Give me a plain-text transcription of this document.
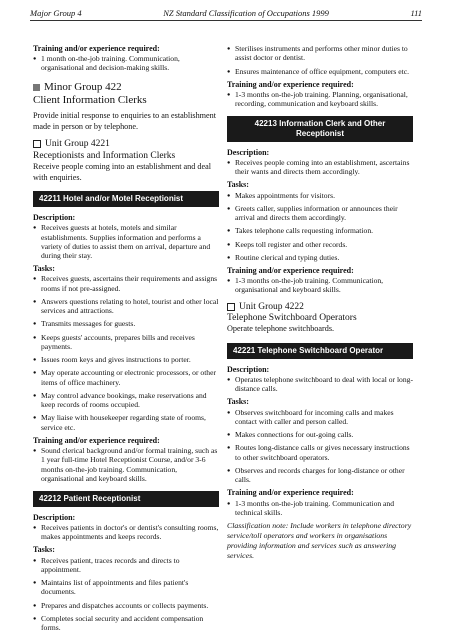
Major Group 4	NZ Standard Classification of Occupations 1999	111
Training and/or experience required:
● 1 month on-the-job training. Communication, organisational and decision-making skills.
Minor Group 422
Client Information Clerks
Provide initial response to enquiries to an establishment made in person or by telephone.
Unit Group 4221
Receptionists and Information Clerks
Receive people coming into an establishment and deal with enquiries.
42211 Hotel and/or Motel Receptionist
Description:
● Receives guests at hotels, motels and similar establishments. Supplies information and performs a variety of duties to assist them on arrival, departure and during their stay.
Tasks:
● Receives guests, ascertains their requirements and assigns rooms if not pre-assigned.
● Answers questions relating to hotel, tourist and other local services and attractions.
● Transmits messages for guests.
● Keeps guests' accounts, prepares bills and receives payments.
● Issues room keys and gives instructions to porter.
● May operate accounting or electronic processors, or other items of office machinery.
● May control advance bookings, make reservations and keep records of rooms occupied.
● May liaise with housekeeper regarding state of rooms, service etc.
Training and/or experience required:
● Sound clerical background and/or formal training, such as 1 year full-time Hotel Receptionist Course, and/or 3-6 months on-the-job training. Communication, organisational and keyboard skills.
42212 Patient Receptionist
Description:
● Receives patients in doctor's or dentist's consulting rooms, makes appointments and keeps records.
Tasks:
● Receives patient, traces records and directs to appointment.
● Maintains list of appointments and files patient's documents.
● Prepares and dispatches accounts or collects payments.
● Completes social security and accident compensation forms.
● Sterilises instruments and performs other minor duties to assist doctor or dentist.
● Ensures maintenance of office equipment, computers etc.
Training and/or experience required:
● 1-3 months on-the-job training. Planning, organisational, recording, communication and keyboard skills.
42213 Information Clerk and Other Receptionist
Description:
● Receives people coming into an establishment, ascertains their wants and directs them accordingly.
Tasks:
● Makes appointments for visitors.
● Greets caller, supplies information or announces their arrival and directs them accordingly.
● Takes telephone calls requesting information.
● Keeps toll register and other records.
● Routine clerical and typing duties.
Training and/or experience required:
● 1-3 months on-the-job training. Communication, organisational and keyboard skills.
Unit Group 4222
Telephone Switchboard Operators
Operate telephone switchboards.
42221 Telephone Switchboard Operator
Description:
● Operates telephone switchboard to deal with local or long-distance calls.
Tasks:
● Observes switchboard for incoming calls and makes contact with caller and person called.
● Makes connections for out-going calls.
● Routes long-distance calls or gives necessary instructions to other switchboard operators.
● Observes and records charges for long-distance or other calls.
Training and/or experience required:
● 1-3 months on-the-job training. Communication and technical skills.
Classification note: Include workers in telephone directory service/toll operators and workers in organisations providing information and services such as answering services.
